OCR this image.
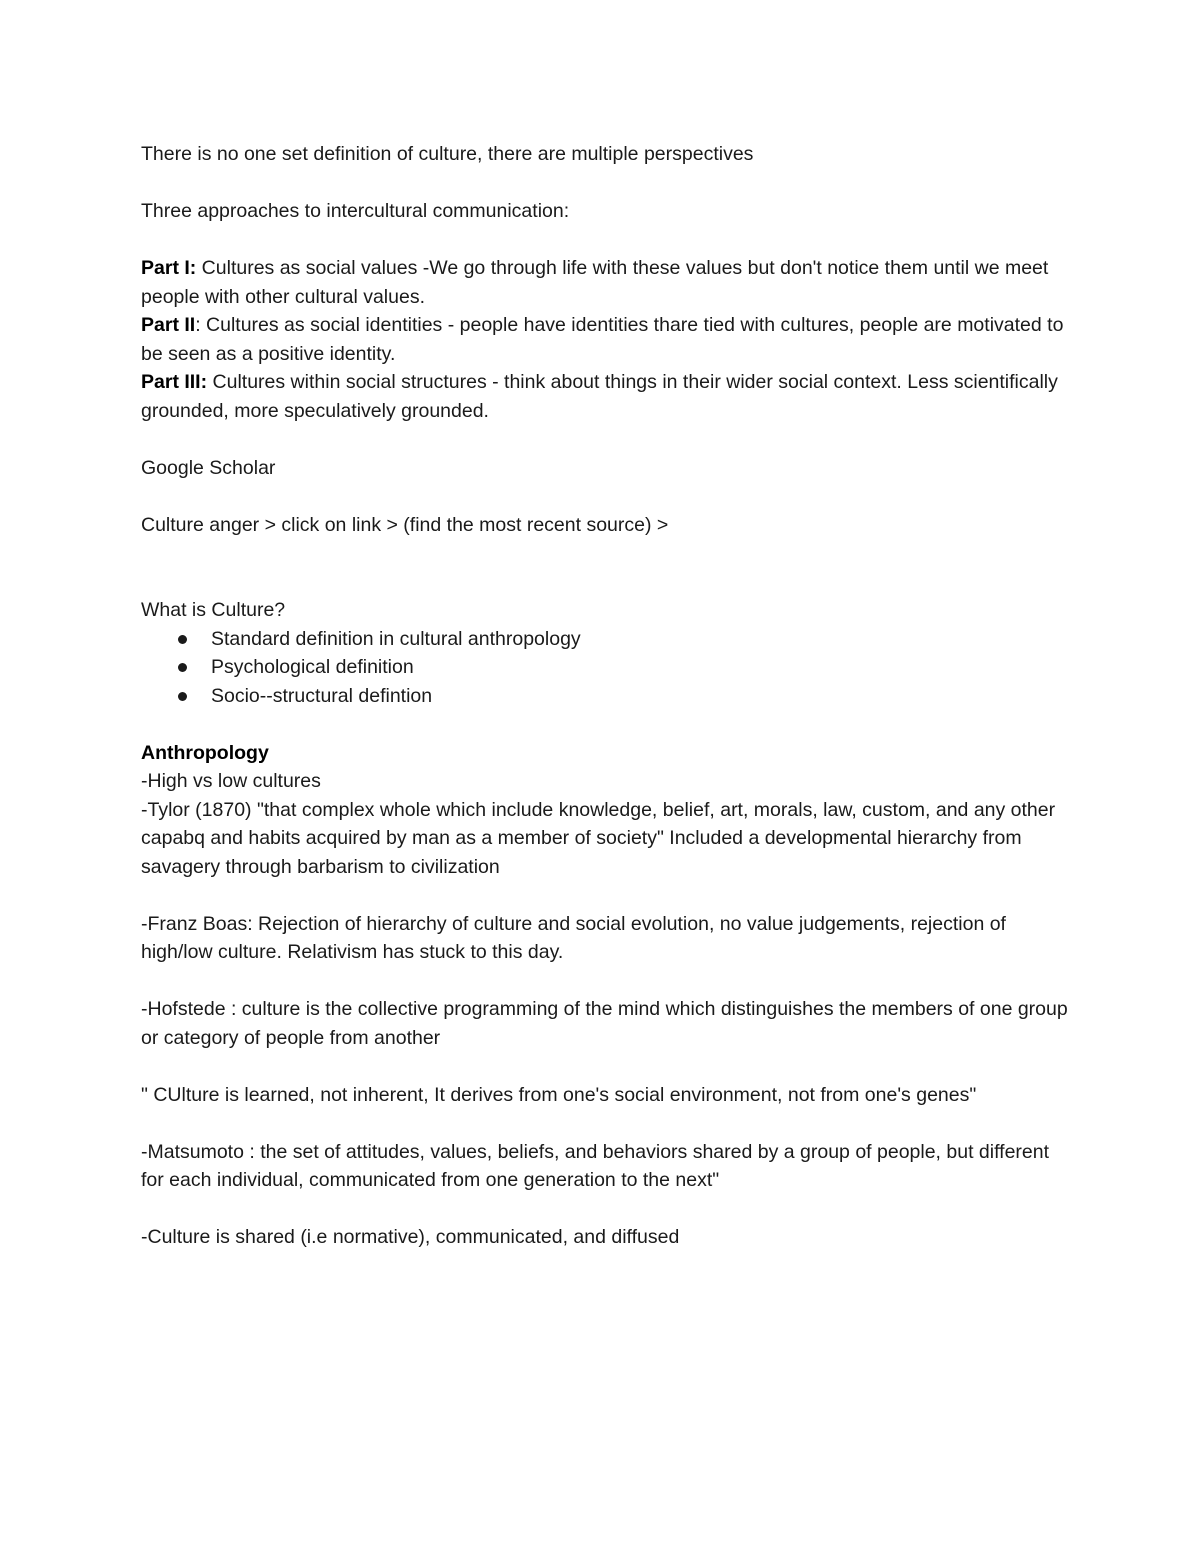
There is no one set definition of culture, there are multiple perspectives

Three approaches to intercultural communication:

Part I: Cultures as social values -We go through life with these values but don't notice them until we meet people with other cultural values.

Part II: Cultures as social identities - people have identities thare tied with cultures, people are motivated to be seen as a positive identity.

Part III: Cultures within social structures - think about things in their wider social context. Less scientifically grounded, more speculatively grounded.

Google Scholar

Culture anger > click on link > (find the most recent source) >

What is Culture?

Standard definition in cultural anthropology
Psychological definition
Socio--structural defintion

Anthropology

-High vs low cultures

-Tylor (1870) "that complex whole which include knowledge, belief, art, morals, law, custom, and any other capabq and habits acquired by man as a member of society" Included a developmental hierarchy from savagery through barbarism to civilization

-Franz Boas: Rejection of hierarchy of culture and social evolution, no value judgements, rejection of high/low culture. Relativism has stuck to this day.

-Hofstede : culture is the collective programming of the mind which distinguishes the members of one group or category of people from another

" CUlture is learned, not inherent, It derives from one's social environment, not from one's genes"

-Matsumoto : the set of attitudes, values, beliefs, and behaviors shared by a group of people, but different for each individual, communicated from one generation to the next"

-Culture is shared (i.e normative), communicated, and diffused
